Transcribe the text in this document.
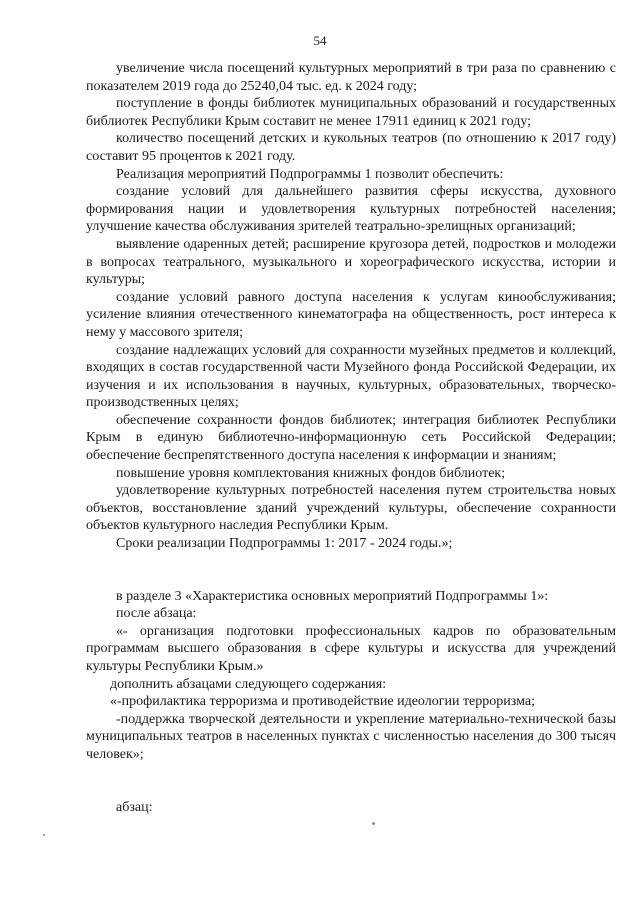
54

увеличение числа посещений культурных мероприятий в три раза по сравнению с показателем 2019 года до 25240,04 тыс. ед. к 2024 году;

поступление в фонды библиотек муниципальных образований и государственных библиотек Республики Крым составит не менее 17911 единиц к 2021 году;

количество посещений детских и кукольных театров (по отношению к 2017 году) составит 95 процентов к 2021 году.

Реализация мероприятий Подпрограммы 1 позволит обеспечить:

создание условий для дальнейшего развития сферы искусства, духовного формирования нации и удовлетворения культурных потребностей населения; улучшение качества обслуживания зрителей театрально-зрелищных организаций;

выявление одаренных детей; расширение кругозора детей, подростков и молодежи в вопросах театрального, музыкального и хореографического искусства, истории и культуры;

создание условий равного доступа населения к услугам кинообслуживания; усиление влияния отечественного кинематографа на общественность, рост интереса к нему у массового зрителя;

создание надлежащих условий для сохранности музейных предметов и коллекций, входящих в состав государственной части Музейного фонда Российской Федерации, их изучения и их использования в научных, культурных, образовательных, творческо-производственных целях;

обеспечение сохранности фондов библиотек; интеграция библиотек Республики Крым в единую библиотечно-информационную сеть Российской Федерации; обеспечение беспрепятственного доступа населения к информации и знаниям;

повышение уровня комплектования книжных фондов библиотек;

удовлетворение культурных потребностей населения путем строительства новых объектов, восстановление зданий учреждений культуры, обеспечение сохранности объектов культурного наследия Республики Крым.

Сроки реализации Подпрограммы 1: 2017 - 2024 годы.»;

в разделе 3 «Характеристика основных мероприятий Подпрограммы 1»:

после абзаца:

«- организация подготовки профессиональных кадров по образовательным программам высшего образования в сфере культуры и искусства для учреждений культуры Республики Крым.»

дополнить абзацами следующего содержания:

«-профилактика терроризма и противодействие идеологии терроризма;

-поддержка творческой деятельности и укрепление материально-технической базы муниципальных театров в населенных пунктах с численностью населения до 300 тысяч человек»;

абзац:
